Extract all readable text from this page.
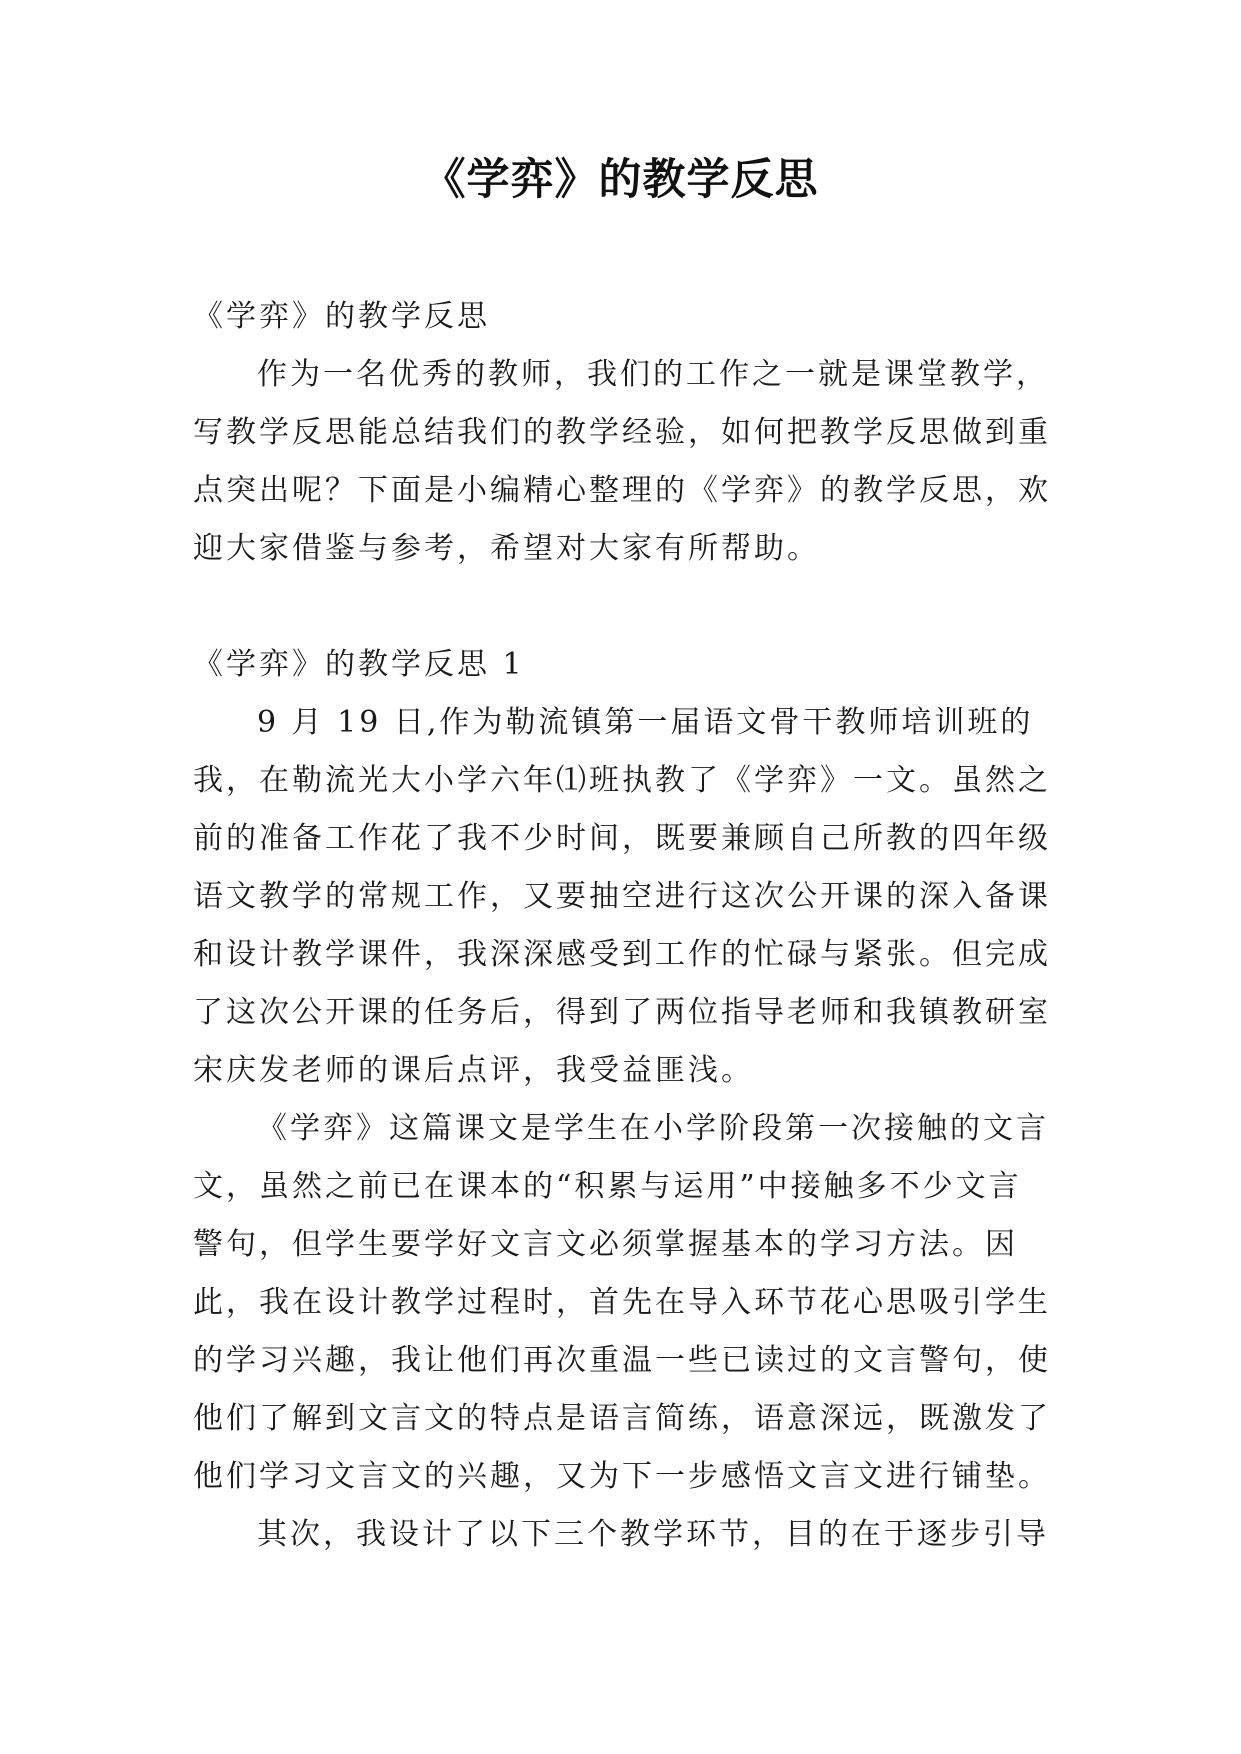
《学弈》的教学反思

《学弈》的教学反思

作为一名优秀的教师，我们的工作之一就是课堂教学，写教学反思能总结我们的教学经验，如何把教学反思做到重点突出呢？下面是小编精心整理的《学弈》的教学反思，欢迎大家借鉴与参考，希望对大家有所帮助。

《学弈》的教学反思 1

9 月 19 日,作为勒流镇第一届语文骨干教师培训班的我，在勒流光大小学六年⑴班执教了《学弈》一文。虽然之前的准备工作花了我不少时间，既要兼顾自己所教的四年级语文教学的常规工作，又要抽空进行这次公开课的深入备课和设计教学课件，我深深感受到工作的忙碌与紧张。但完成了这次公开课的任务后，得到了两位指导老师和我镇教研室宋庆发老师的课后点评，我受益匪浅。

《学弈》这篇课文是学生在小学阶段第一次接触的文言文，虽然之前已在课本的“积累与运用”中接触多不少文言警句，但学生要学好文言文必须掌握基本的学习方法。因此，我在设计教学过程时，首先在导入环节花心思吸引学生的学习兴趣，我让他们再次重温一些已读过的文言警句，使他们了解到文言文的特点是语言简练，语意深远，既激发了他们学习文言文的兴趣，又为下一步感悟文言文进行铺垫。

其次，我设计了以下三个教学环节，目的在于逐步引导
